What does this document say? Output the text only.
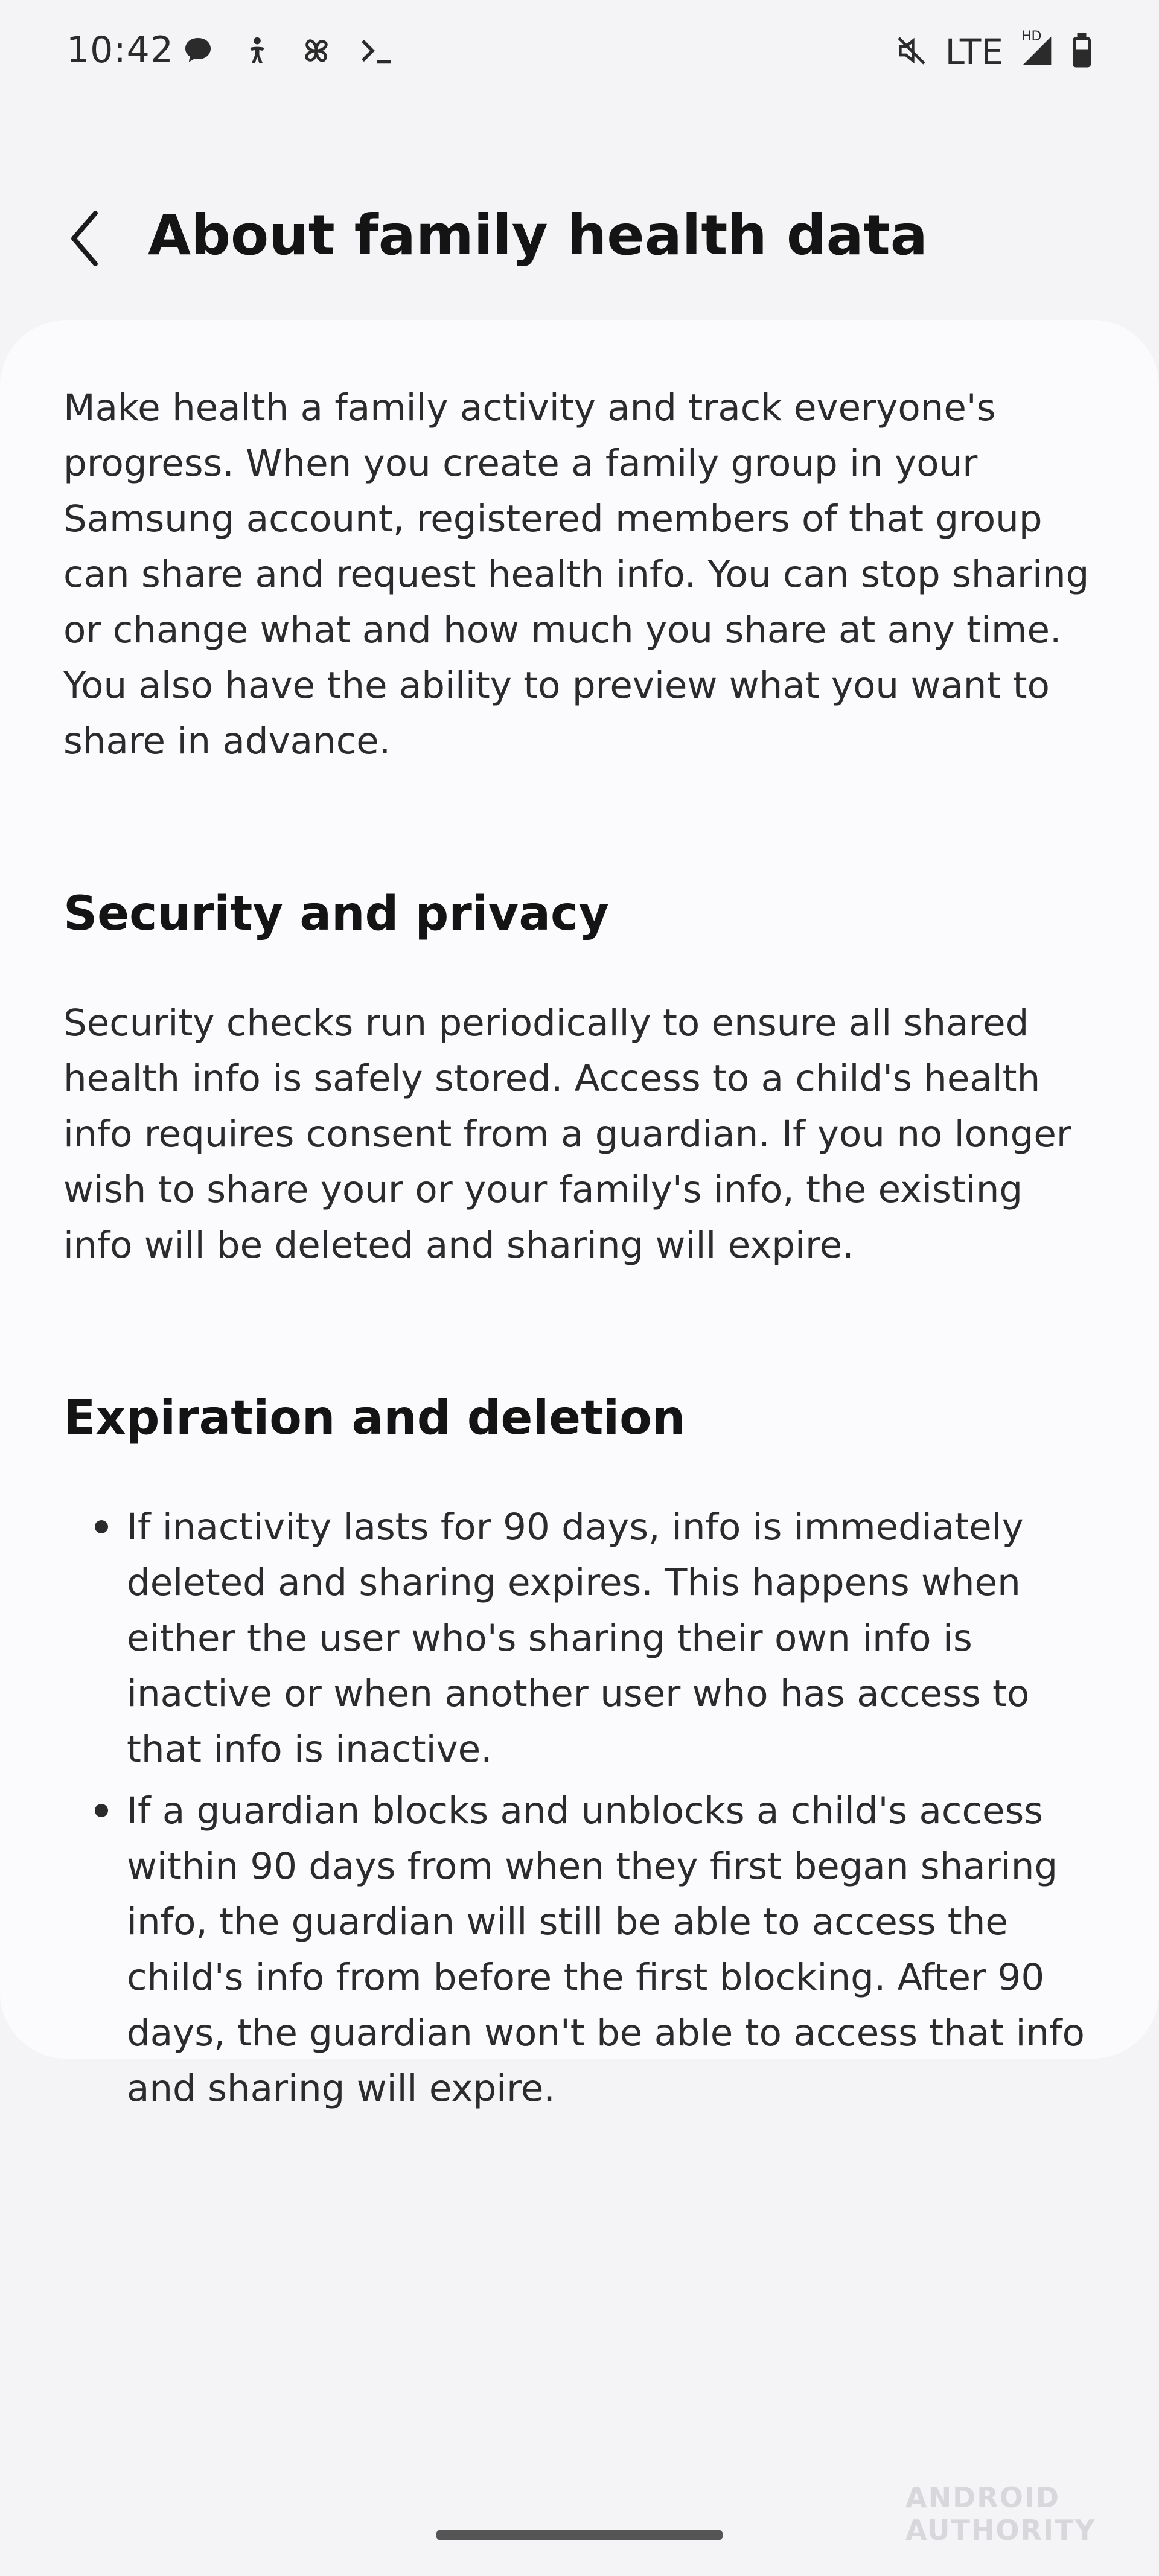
10:42	LTE HD
About family health data

Make health a family activity and track everyone's progress. When you create a family group in your Samsung account, registered members of that group can share and request health info. You can stop sharing or change what and how much you share at any time. You also have the ability to preview what you want to share in advance.

Security and privacy

Security checks run periodically to ensure all shared health info is safely stored. Access to a child's health info requires consent from a guardian. If you no longer wish to share your or your family's info, the existing info will be deleted and sharing will expire.

Expiration and deletion
If inactivity lasts for 90 days, info is immediately deleted and sharing expires. This happens when either the user who's sharing their own info is inactive or when another user who has access to that info is inactive.
If a guardian blocks and unblocks a child's access within 90 days from when they first began sharing info, the guardian will still be able to access the child's info from before the first blocking. After 90 days, the guardian won't be able to access that info and sharing will expire.
ANDROID AUTHORITY
